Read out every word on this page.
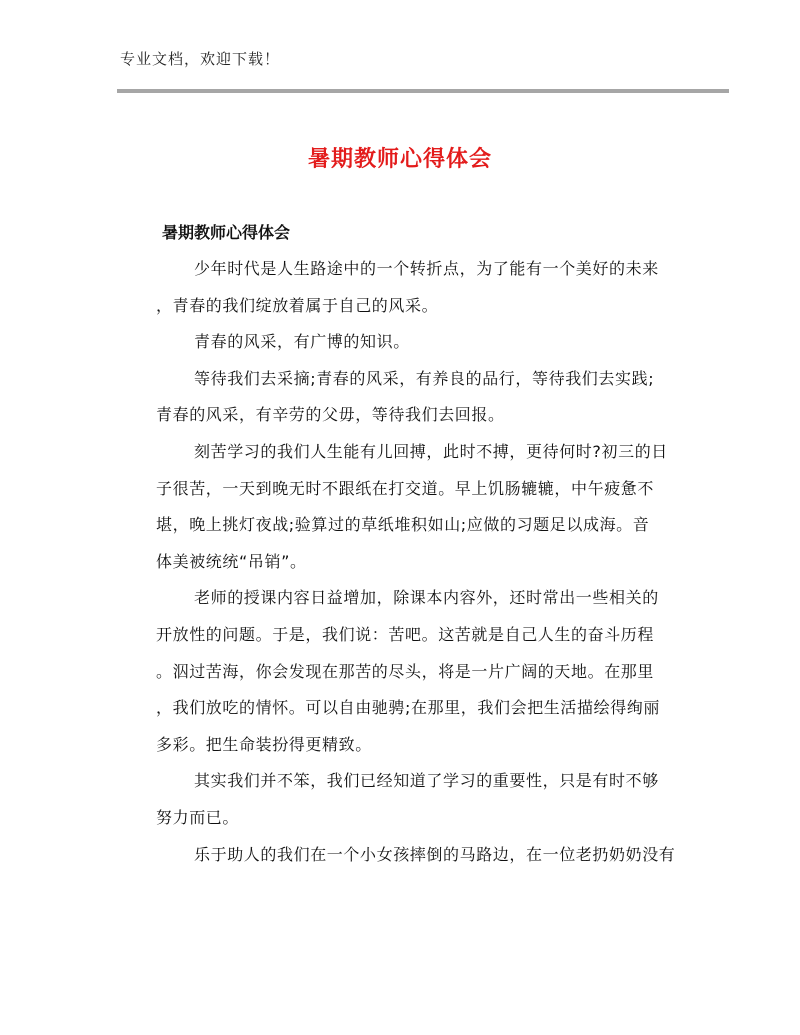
专业文档，欢迎下载！
暑期教师心得体会
暑期教师心得体会
少年时代是人生路途中的一个转折点，为了能有一个美好的未来
，青春的我们绽放着属于自己的风采。
青春的风采，有广博的知识。
等待我们去采摘;青春的风采，有养良的品行，等待我们去实践;
青春的风采，有辛劳的父毋，等待我们去回报。
刻苦学习的我们人生能有儿回搏，此时不搏，更待何时?初三的日
子很苦，一天到晚无时不跟纸在打交道。早上饥肠辘辘，中午疲惫不
堪，晚上挑灯夜战;验算过的草纸堆积如山;应做的习题足以成海。音
体美被统统“吊销”。
老师的授课内容日益增加，除课本内容外，还时常出一些相关的
开放性的问题。于是，我们说：苦吧。这苦就是自己人生的奋斗历程
。泅过苦海，你会发现在那苦的尽头，将是一片广阔的天地。在那里
，我们放吃的情怀。可以自由驰骋;在那里，我们会把生活描绘得绚丽
多彩。把生命装扮得更精致。
其实我们并不笨，我们已经知道了学习的重要性，只是有时不够
努力而已。
乐于助人的我们在一个小女孩摔倒的马路边，在一位老扔奶奶没有
